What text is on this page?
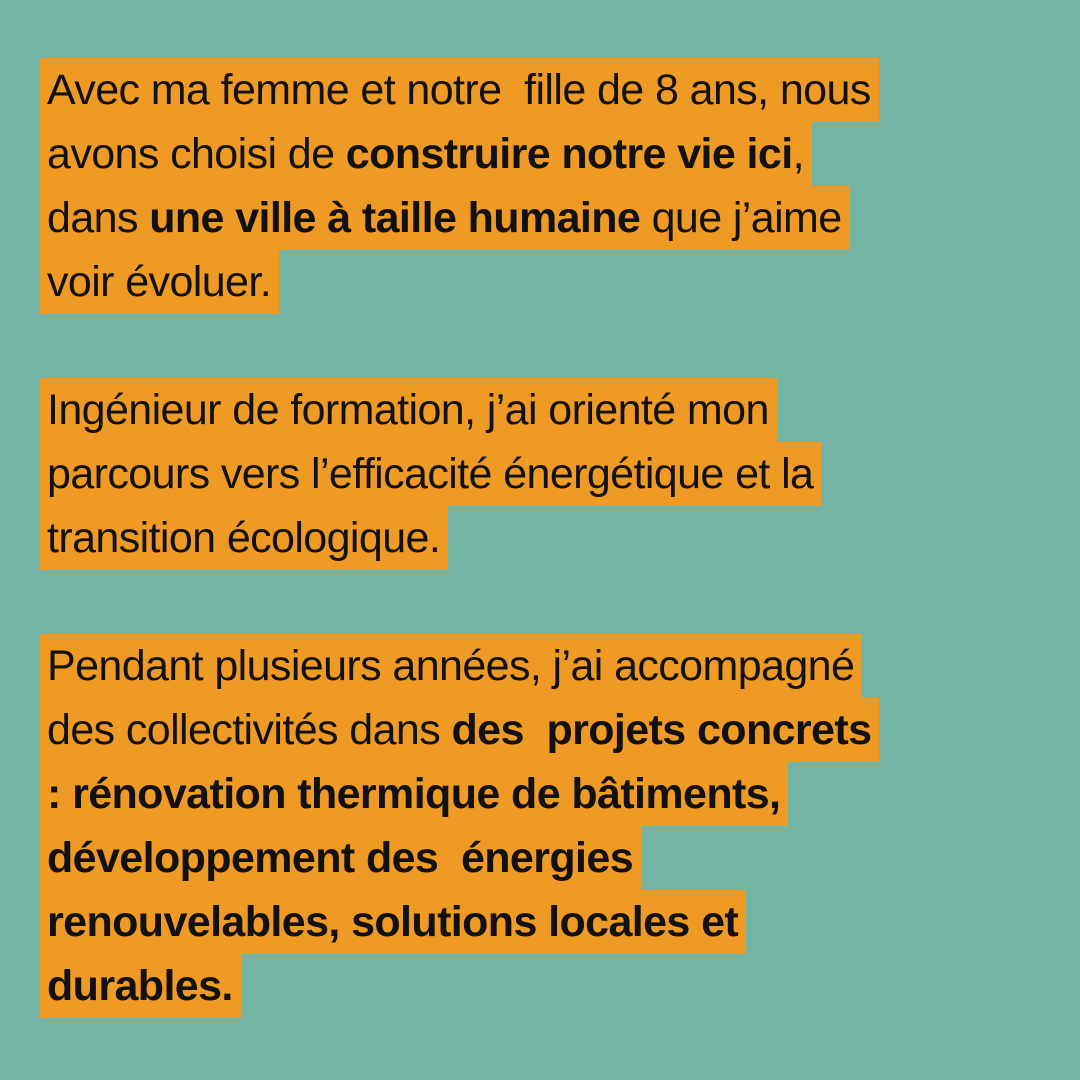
Avec ma femme et notre  fille de 8 ans, nous
avons choisi de construire notre vie ici,
dans une ville à taille humaine que j’aime
voir évoluer.
Ingénieur de formation, j’ai orienté mon
parcours vers l’efficacité énergétique et la
transition écologique.
Pendant plusieurs années, j’ai accompagné
des collectivités dans des  projets concrets
: rénovation thermique de bâtiments,
développement des  énergies
renouvelables, solutions locales et
durables.
